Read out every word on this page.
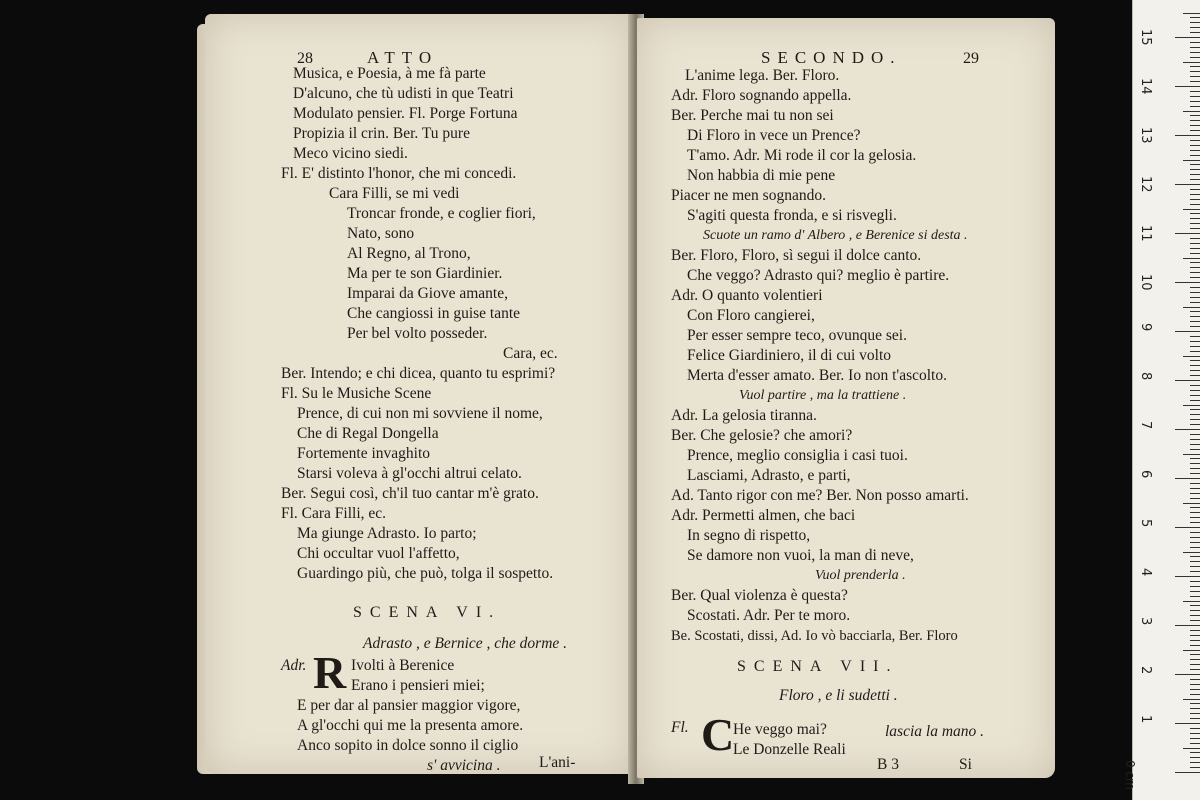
28	ATTO
Musica, e Poesia, à me fà parte
D'alcuno, che tù udisti in que Teatri
Modulato pensier. Fl. Porge Fortuna
Propizia il crin. Ber. Tu pure
Meco vicino siedi.
Fl. E' distinto l'honor, che mi concedi.
Cara Filli, se mi vedi
Troncar fronde, e coglier fiori,
Nato, sono
Al Regno, al Trono,
Ma per te son Giardinier.
Imparai da Giove amante,
Che cangiossi in guise tante
Per bel volto posseder.
Cara, ec.
Ber. Intendo; e chi dicea, quanto tu esprimi?
Fl. Su le Musiche Scene
Prence, di cui non mi sovviene il nome,
Che di Regal Dongella
Fortemente invaghito
Starsi voleva à gl'occhi altrui celato.
Ber. Segui così, ch'il tuo cantar m'è grato.
Fl. Cara Filli, ec.
Ma giunge Adrasto. Io parto;
Chi occultar vuol l'affetto,
Guardingo più, che può, tolga il sospetto.
SCENA VI.
Adrasto , e Bernice , che dorme .
Adr. R Ivolti à Berenice
Erano i pensieri miei;
E per dar al pansier maggior vigore,
A gl'occhi qui me la presenta amore.
Anco sopito in dolce sonno il ciglio
s' avvicina . L'ani-
SECONDO.	29
L'anime lega. Ber. Floro.
Adr. Floro sognando appella.
Ber. Perche mai tu non sei
Di Floro in vece un Prence?
T'amo. Adr. Mi rode il cor la gelosia.
Non habbia di mie pene
Piacer ne men sognando.
S'agiti questa fronda, e si risvegli.
Scuote un ramo d' Albero , e Berenice si desta .
Ber. Floro, Floro, sì segui il dolce canto.
Che veggo? Adrasto qui? meglio è partire.
Adr. O quanto volentieri
Con Floro cangierei,
Per esser sempre teco, ovunque sei.
Felice Giardiniero, il di cui volto
Merta d'esser amato. Ber. Io non t'ascolto.
Vuol partire , ma la trattiene .
Adr. La gelosia tiranna.
Ber. Che gelosie? che amori?
Prence, meglio consiglia i casi tuoi.
Lasciami, Adrasto, e parti,
Ad. Tanto rigor con me? Ber. Non posso amarti.
Adr. Permetti almen, che baci
In segno di rispetto,
Se damore non vuoi, la man di neve,
Vuol prenderla .
Ber. Qual violenza è questa?
Scostati. Adr. Per te moro.
Be. Scostati, dissi, Ad. Io vò bacciarla, Ber. Floro
SCENA VII.
Floro , e li sudetti .
Fl. C
He veggo mai?
Le Donzelle Reali
lascia la mano .
B 3	Si
1
2
3
4
5
6
7
8
9
10
11
12
13
14
15
0 cm
